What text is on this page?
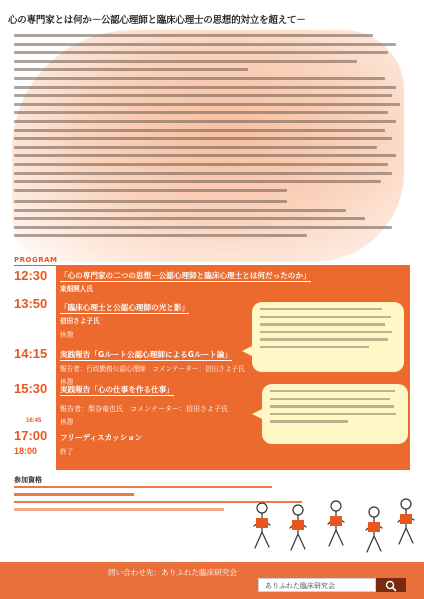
心の専門家とは何か－公認心理師と臨床心理士の思想的対立を超えて－
PROGRAM
12:30 「心の専門家の二つの思想－公認心理師と臨床心理士とは何だったのか」
東畑開人氏
13:50 「臨床心理士と公認心理師の光と影」
信田さよ子氏
休憩
14:15 実践報告「Gルート公認心理師によるGルート論」
報告者：行政勤務公認心理師　コメンテーター：信田さよ子氏
休憩
15:30 実践報告「心の仕事を作る仕事」
報告者：梨谷竜也氏　コメンテーター：信田さよ子氏
16:45	休憩
17:00 フリーディスカッション
18:00	終了
参加資格
問い合わせ先：ありふれた臨床研究会
ありふれた臨床研究会
